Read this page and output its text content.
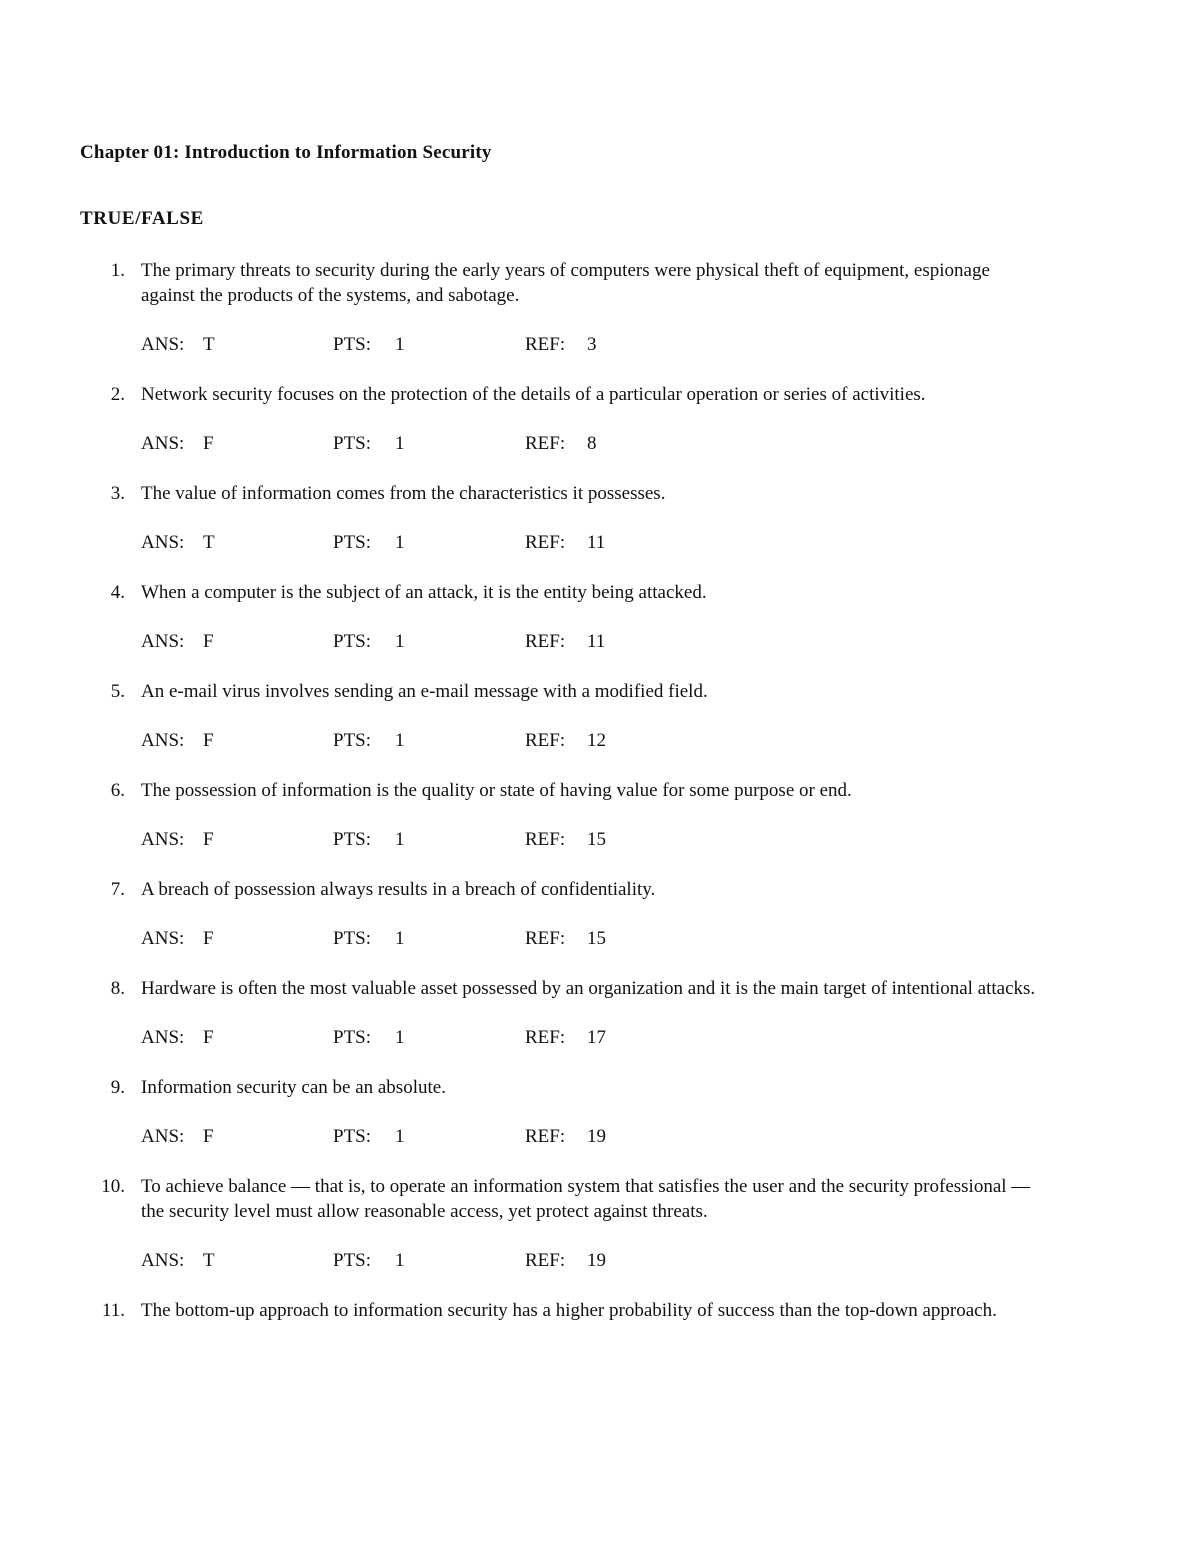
Chapter 01: Introduction to Information Security
TRUE/FALSE
1. The primary threats to security during the early years of computers were physical theft of equipment, espionage against the products of the systems, and sabotage.
ANS: T	PTS: 1	REF: 3
2. Network security focuses on the protection of the details of a particular operation or series of activities.
ANS: F	PTS: 1	REF: 8
3. The value of information comes from the characteristics it possesses.
ANS: T	PTS: 1	REF: 11
4. When a computer is the subject of an attack, it is the entity being attacked.
ANS: F	PTS: 1	REF: 11
5. An e-mail virus involves sending an e-mail message with a modified field.
ANS: F	PTS: 1	REF: 12
6. The possession of information is the quality or state of having value for some purpose or end.
ANS: F	PTS: 1	REF: 15
7. A breach of possession always results in a breach of confidentiality.
ANS: F	PTS: 1	REF: 15
8. Hardware is often the most valuable asset possessed by an organization and it is the main target of intentional attacks.
ANS: F	PTS: 1	REF: 17
9. Information security can be an absolute.
ANS: F	PTS: 1	REF: 19
10. To achieve balance — that is, to operate an information system that satisfies the user and the security professional — the security level must allow reasonable access, yet protect against threats.
ANS: T	PTS: 1	REF: 19
11. The bottom-up approach to information security has a higher probability of success than the top-down approach.
